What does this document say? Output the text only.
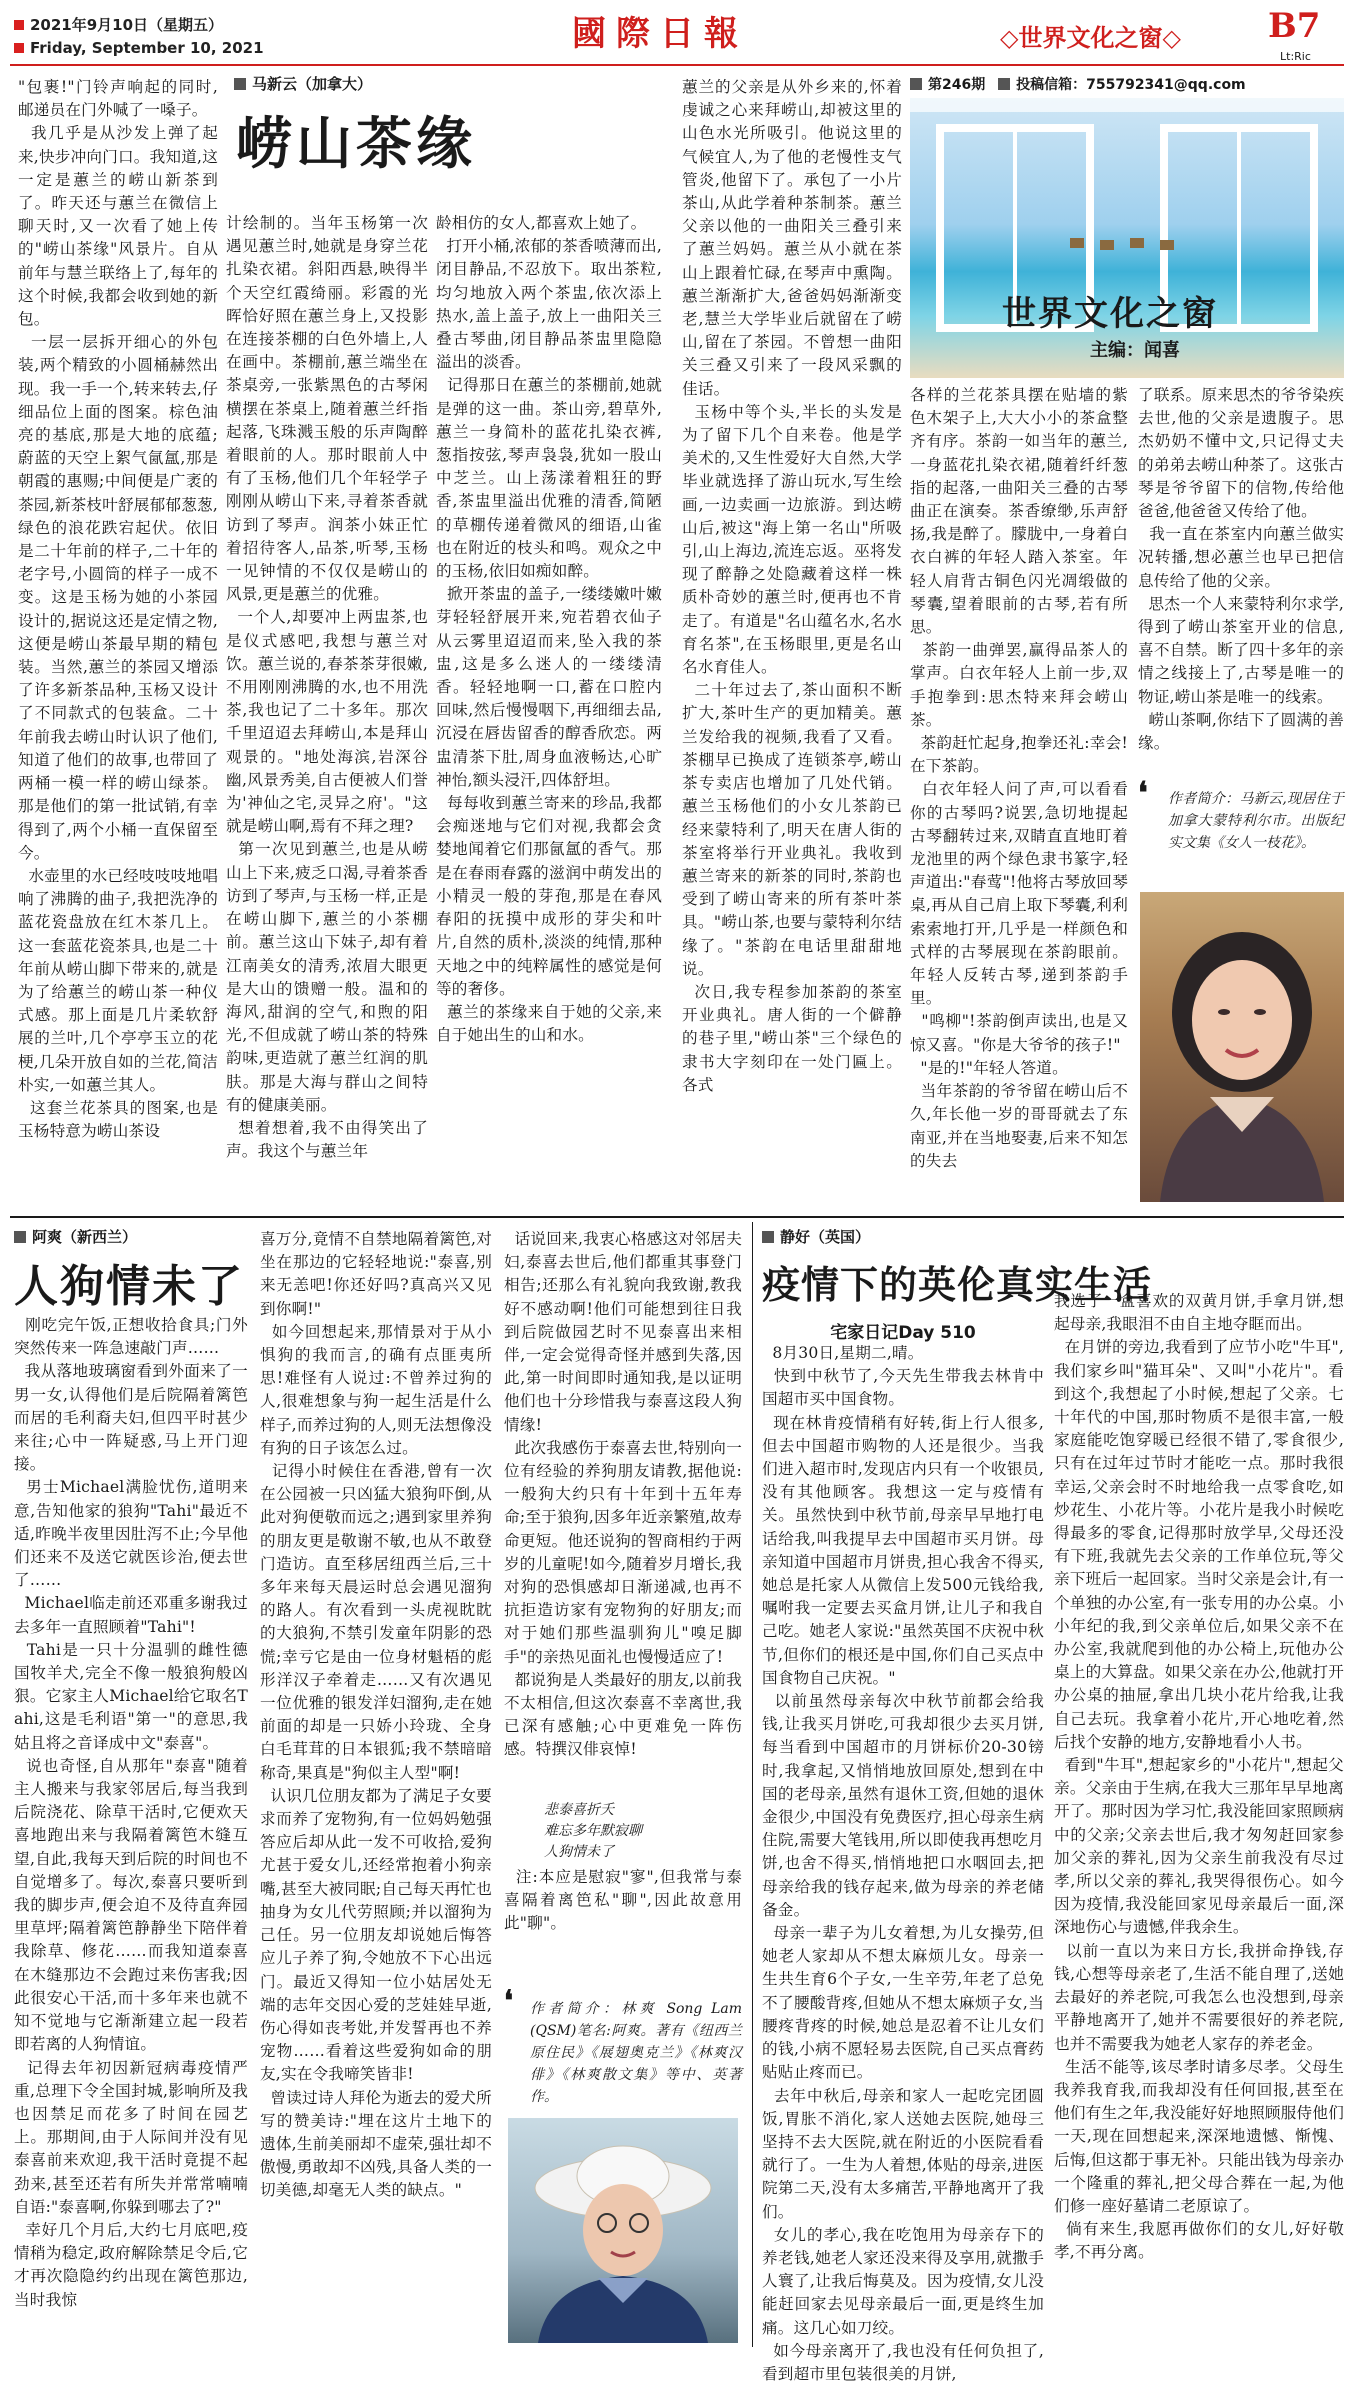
2021年9月10日（星期五）
Friday, September 10, 2021	國際日報	◇世界文化之窗◇	B7
Lt:Ric
马新云（加拿大）
崂山茶缘
"包裹!"门铃声响起的同时,邮递员在门外喊了一嗓子。
我几乎是从沙发上弹了起来,快步冲向门口。我知道,这一定是蕙兰的崂山新茶到了。昨天还与蕙兰在微信上聊天时,又一次看了她上传的"崂山茶缘"风景片。自从前年与慧兰联络上了,每年的这个时候,我都会收到她的新包。
一层一层拆开细心的外包装,两个精致的小圆桶赫然出现。我一手一个,转来转去,仔细品位上面的图案。棕色油亮的基底,那是大地的底蕴;蔚蓝的天空上絮气氤氲,那是朝霞的惠赐;中间便是广袤的茶园,新茶枝叶舒展郁郁葱葱,绿色的浪花跌宕起伏。依旧是二十年前的样子,二十年的老字号,小圆筒的样子一成不变。这是玉杨为她的小茶园设计的,据说这还是定情之物,这便是崂山茶最早期的精包装。当然,蕙兰的茶园又增添了许多新茶品种,玉杨又设计了不同款式的包装盒。二十年前我去崂山时认识了他们,知道了他们的故事,也带回了两桶一模一样的崂山绿茶。那是他们的第一批试销,有幸得到了,两个小桶一直保留至今。
水壶里的水已经吱吱吱地唱响了沸腾的曲子,我把洗净的蓝花瓷盘放在红木茶几上。这一套蓝花瓷茶具,也是二十年前从崂山脚下带来的,就是为了给蕙兰的崂山茶一种仪式感。那上面是几片柔软舒展的兰叶,几个亭亭玉立的花梗,几朵开放自如的兰花,简洁朴实,一如蕙兰其人。
这套兰花茶具的图案,也是玉杨特意为崂山茶设
计绘制的。当年玉杨第一次遇见蕙兰时,她就是身穿兰花扎染衣裙。斜阳西悬,映得半个天空红霞绮丽。彩霞的光晖恰好照在蕙兰身上,又投影在连接茶棚的白色外墙上,人在画中。茶棚前,蕙兰端坐在茶桌旁,一张紫黑色的古琴闲横摆在茶桌上,随着蕙兰纤指起落,飞珠溅玉般的乐声陶醉着眼前的人。那时眼前人中有了玉杨,他们几个年轻学子刚刚从崂山下来,寻着茶香就访到了琴声。润茶小妹正忙着招待客人,品茶,听琴,玉杨一见钟情的不仅仅是崂山的风景,更是蕙兰的优雅。
一个人,却要冲上两盅茶,也是仪式感吧,我想与蕙兰对饮。蕙兰说的,春茶茶芽很嫩,不用刚刚沸腾的水,也不用洗茶,我也记了二十多年。那次千里迢迢去拜崂山,本是拜山观景的。"地处海滨,岩深谷幽,风景秀美,自古便被人们誉为'神仙之宅,灵异之府'。"这就是崂山啊,焉有不拜之理?
第一次见到蕙兰,也是从崂山上下来,疲乏口渴,寻着茶香访到了琴声,与玉杨一样,正是在崂山脚下,蕙兰的小茶棚前。蕙兰这山下妹子,却有着江南美女的清秀,浓眉大眼更是大山的馈赠一般。温和的海风,甜润的空气,和煦的阳光,不但成就了崂山茶的特殊韵味,更造就了蕙兰红润的肌肤。那是大海与群山之间特有的健康美丽。
想着想着,我不由得笑出了声。我这个与蕙兰年
龄相仿的女人,都喜欢上她了。
打开小桶,浓郁的茶香喷薄而出,闭目静品,不忍放下。取出茶粒,均匀地放入两个茶盅,依次添上热水,盖上盖子,放上一曲阳关三叠古琴曲,闭目静品茶盅里隐隐溢出的淡香。
记得那日在蕙兰的茶棚前,她就是弹的这一曲。茶山旁,碧草外,蕙兰一身简朴的蓝花扎染衣裤,葱指按弦,琴声袅袅,犹如一股山中芝兰。山上荡漾着粗狂的野香,茶盅里溢出优雅的清香,简陋的草棚传递着微风的细语,山雀也在附近的枝头和鸣。观众之中的玉杨,依旧如痴如醉。
掀开茶盅的盖子,一缕缕嫩叶嫩芽轻轻舒展开来,宛若碧衣仙子从云雾里迢迢而来,坠入我的茶盅,这是多么迷人的一缕缕清香。轻轻地啊一口,蓄在口腔内回味,然后慢慢咽下,再细细去品,沉浸在唇齿留香的醇香欣恋。两盅清茶下肚,周身血液畅达,心旷神怡,额头浸汗,四体舒坦。
每每收到蕙兰寄来的珍品,我都会痴迷地与它们对视,我都会贪婪地闻着它们那氤氲的香气。那是在春雨春露的滋润中萌发出的小精灵一般的芽孢,那是在春风春阳的抚摸中成形的芽尖和叶片,自然的质朴,淡淡的纯情,那种天地之中的纯粹属性的感觉是何等的奢侈。
蕙兰的茶缘来自于她的父亲,来自于她出生的山和水。
蕙兰的父亲是从外乡来的,怀着虔诚之心来拜崂山,却被这里的山色水光所吸引。他说这里的气候宜人,为了他的老慢性支气管炎,他留下了。承包了一小片茶山,从此学着种茶制茶。蕙兰父亲以他的一曲阳关三叠引来了蕙兰妈妈。蕙兰从小就在茶山上跟着忙碌,在琴声中熏陶。蕙兰渐渐扩大,爸爸妈妈渐渐变老,慧兰大学毕业后就留在了崂山,留在了茶园。不曾想一曲阳关三叠又引来了一段风采飘的佳话。
玉杨中等个头,半长的头发是为了留下几个自来卷。他是学美术的,又生性爱好大自然,大学毕业就选择了游山玩水,写生绘画,一边卖画一边旅游。到达崂山后,被这"海上第一名山"所吸引,山上海边,流连忘返。巫将发现了醉静之处隐藏着这样一株质朴奇妙的蕙兰时,便再也不肯走了。有道是"名山蕴名水,名水育名茶",在玉杨眼里,更是名山名水育佳人。
二十年过去了,茶山面积不断扩大,茶叶生产的更加精美。蕙兰发给我的视频,我看了又看。茶棚早已换成了连锁茶亭,崂山茶专卖店也增加了几处代销。蕙兰玉杨他们的小女儿茶韵已经来蒙特利了,明天在唐人街的茶室将举行开业典礼。我收到蕙兰寄来的新茶的同时,茶韵也受到了崂山寄来的所有茶叶茶具。"崂山茶,也要与蒙特利尔结缘了。"茶韵在电话里甜甜地说。
次日,我专程参加茶韵的茶室开业典礼。唐人街的一个僻静的巷子里,"崂山茶"三个绿色的隶书大字刻印在一处门匾上。各式
各样的兰花茶具摆在贴墙的紫色木架子上,大大小小的茶盒整齐有序。茶韵一如当年的蕙兰,一身蓝花扎染衣裙,随着纤纤葱指的起落,一曲阳关三叠的古琴曲正在演奏。茶香缭缈,乐声舒扬,我是醉了。朦胧中,一身着白衣白裤的年轻人踏入茶室。年轻人肩背古铜色闪光凋缎做的琴囊,望着眼前的古琴,若有所思。
茶韵一曲弹罢,赢得品茶人的掌声。白衣年轻人上前一步,双手抱拳到:思杰特来拜会崂山茶。
茶韵赶忙起身,抱拳还礼:幸会!在下茶韵。
白衣年轻人问了声,可以看看你的古琴吗?说罢,急切地提起古琴翻转过来,双睛直直地盯着龙池里的两个绿色隶书篆字,轻声道出:"春莺"!他将古琴放回琴桌,再从自己肩上取下琴囊,利利索索地打开,几乎是一样颜色和式样的古琴展现在茶韵眼前。年轻人反转古琴,递到茶韵手里。
"鸣柳"!茶韵倒声读出,也是又惊又喜。"你是大爷爷的孩子!"
"是的!"年轻人答道。
当年茶韵的爷爷留在崂山后不久,年长他一岁的哥哥就去了东南亚,并在当地娶妻,后来不知怎的失去
了联系。原来思杰的爷爷染疾去世,他的父亲是遗腹子。思杰奶奶不懂中文,只记得丈夫的弟弟去崂山种茶了。这张古琴是爷爷留下的信物,传给他爸爸,他爸爸又传给了他。
我一直在茶室内向蕙兰做实况转播,想必蕙兰也早已把信息传给了他的父亲。
思杰一个人来蒙特利尔求学,得到了崂山茶室开业的信息,喜不自禁。断了四十多年的亲情之线接上了,古琴是唯一的物证,崂山茶是唯一的线索。
崂山茶啊,你结下了圆满的善缘。
❛ 作者简介：马新云,现居住于加拿大蒙特利尔市。出版纪实文集《女人一枝花》。
第246期 投稿信箱：755792341@qq.com
世界文化之窗
主编：闻喜
阿爽（新西兰）
人狗情未了
刚吃完午饭,正想收拾食具;门外突然传来一阵急速敲门声……
我从落地玻璃窗看到外面来了一男一女,认得他们是后院隔着篱笆而居的毛利裔夫妇,但四平时甚少来往;心中一阵疑惑,马上开门迎接。
男士Michael满脸忧伤,道明来意,告知他家的狼狗"Tahi"最近不适,昨晚半夜里因肚泻不止;今早他们还来不及送它就医诊治,便去世了……
Michael临走前还邓重多谢我过去多年一直照顾着"Tahi"!
Tahi是一只十分温驯的雌性德国牧羊犬,完全不像一般狼狗般凶狠。它家主人Michael给它取名Tahi,这是毛利语"第一"的意思,我姑且将之音译成中文"泰喜"。
说也奇怪,自从那年"泰喜"随着主人搬来与我家邻居后,每当我到后院浇花、除草干活时,它便欢天喜地跑出来与我隔着篱笆木缝互望,自此,我每天到后院的时间也不自觉增多了。每次,泰喜只要听到我的脚步声,便会迫不及待直奔园里草坪;隔着篱笆静静坐下陪伴着我除草、修花……而我知道泰喜在木缝那边不会跑过来伤害我;因此很安心干活,而十多年来也就不知不觉地与它渐渐建立起一段若即若离的人狗情谊。
记得去年初因新冠病毒疫情严重,总理下令全国封城,影响所及我也因禁足而花多了时间在园艺上。那期间,由于人际间并没有见泰喜前来欢迎,我干活时竟提不起劲来,甚至还若有所失并常常喃喃自语:"泰喜啊,你躲到哪去了?"
幸好几个月后,大约七月底吧,疫情稍为稳定,政府解除禁足令后,它才再次隐隐约约出现在篱笆那边,当时我惊
喜万分,竟情不自禁地隔着篱笆,对坐在那边的它轻轻地说:"泰喜,别来无恙吧!你还好吗?真高兴又见到你啊!"
如今回想起来,那情景对于从小惧狗的我而言,的确有点匪夷所思!难怪有人说过:不曾养过狗的人,很难想象与狗一起生活是什么样子,而养过狗的人,则无法想像没有狗的日子该怎么过。
记得小时候住在香港,曾有一次在公园被一只凶猛大狼狗吓倒,从此对狗便敬而远之;遇到家里养狗的朋友更是敬谢不敏,也从不敢登门造访。直至移居纽西兰后,三十多年来每天晨运时总会遇见溜狗的路人。有次看到一头虎视眈眈的大狼狗,不禁引发童年阴影的恐慌;幸亏它是由一位身材魁梧的彪形洋汉子牵着走……又有次遇见一位优雅的银发洋妇溜狗,走在她前面的却是一只娇小玲珑、全身白毛茸茸的日本银狐;我不禁暗暗称奇,果真是"狗似主人型"啊!
认识几位朋友都为了满足子女要求而养了宠物狗,有一位妈妈勉强答应后却从此一发不可收拾,爱狗尤甚于爱女儿,还经常抱着小狗亲嘴,甚至大被同眠;自己每天再忙也抽身为女儿代劳照顾;并以溜狗为己任。另一位朋友却说她后悔答应儿子养了狗,令她放不下心出远门。最近又得知一位小姑居处无端的志年交因心爱的芝娃娃早逝,伤心得如丧考妣,并发誓再也不养宠物……看着这些爱狗如命的朋友,实在令我啼笑皆非!
曾读过诗人拜伦为逝去的爱犬所写的赞美诗:"埋在这片土地下的遗体,生前美丽却不虚荣,强壮却不傲慢,勇敢却不凶残,具备人类的一切美德,却毫无人类的缺点。"
话说回来,我衷心格感这对邻居夫妇,泰喜去世后,他们都重其事登门相告;还那么有礼貌向我致谢,教我好不感动啊!他们可能想到往日我到后院做园艺时不见泰喜出来相伴,一定会觉得奇怪并感到失落,因此,第一时间即时通知我,是以证明他们也十分珍惜我与泰喜这段人狗情缘!
此次我感伤于泰喜去世,特别向一位有经验的养狗朋友请教,据他说:一般狗大约只有十年到十五年寿命;至于狼狗,因多年近亲繁殖,故寿命更短。他还说狗的智商相约于两岁的儿童呢!如今,随着岁月增长,我对狗的恐惧感却日渐递减,也再不抗拒造访家有宠物狗的好朋友;而对于她们那些温驯狗儿"嗅足脚手"的亲热见面礼也慢慢适应了!
都说狗是人类最好的朋友,以前我不太相信,但这次泰喜不幸离世,我已深有感触;心中更难免一阵伤感。特撰汉俳哀悼!
悲泰喜折夭
难忘多年默寂聊
人狗情未了
注:本应是慰寂"寥",但我常与泰喜隔着离笆私"聊",因此故意用此"聊"。
❛ 作者简介：林爽 Song Lam (QSM)笔名:阿爽。著有《纽西兰原住民》《展翅奥克兰》《林爽汉俳》《林爽散文集》等中、英著作。
静好（英国）
疫情下的英伦真实生活
宅家日记Day 510
8月30日,星期二,晴。
快到中秋节了,今天先生带我去林肯中国超市买中国食物。
现在林肯疫情稍有好转,街上行人很多,但去中国超市购物的人还是很少。当我们进入超市时,发现店内只有一个收银员,没有其他顾客。我想这一定与疫情有关。虽然快到中秋节前,母亲早早地打电话给我,叫我提早去中国超市买月饼。母亲知道中国超市月饼贵,担心我舍不得买,她总是托家人从微信上发500元钱给我,嘱咐我一定要去买盒月饼,让儿子和我自己吃。她老人家说:"虽然英国不庆祝中秋节,但你们的根还是中国,你们自己买点中国食物自己庆祝。"
以前虽然母亲每次中秋节前都会给我钱,让我买月饼吃,可我却很少去买月饼,每当看到中国超市的月饼标价20-30镑时,我拿起,又悄悄地放回原处,想到在中国的老母亲,虽然有退休工资,但她的退休金很少,中国没有免费医疗,担心母亲生病住院,需要大笔钱用,所以即使我再想吃月饼,也舍不得买,悄悄地把口水咽回去,把母亲给我的钱存起来,做为母亲的养老储备金。
母亲一辈子为儿女着想,为儿女操劳,但她老人家却从不想太麻烦儿女。母亲一生共生育6个子女,一生辛劳,年老了总免不了腰酸背疼,但她从不想太麻烦子女,当腰疼背疼的时候,她总是忍着不让儿女们的钱,小病不愿轻易去医院,自己买点膏药贴贴止疼而已。
去年中秋后,母亲和家人一起吃完团圆饭,胃胀不消化,家人送她去医院,她母三坚持不去大医院,就在附近的小医院看看就行了。一生为人着想,体贴的母亲,进医院第二天,没有太多痛苦,平静地离开了我们。
女儿的孝心,我在吃饱用为母亲存下的养老钱,她老人家还没来得及享用,就撒手人寰了,让我后悔莫及。因为疫情,女儿没能赶回家去见母亲最后一面,更是终生加痛。这几心如刀绞。
如今母亲离开了,我也没有任何负担了,看到超市里包装很美的月饼,
我选了一盒喜欢的双黄月饼,手拿月饼,想起母亲,我眼泪不由自主地夺眶而出。
在月饼的旁边,我看到了应节小吃"牛耳",我们家乡叫"猫耳朵"、又叫"小花片"。看到这个,我想起了小时候,想起了父亲。七十年代的中国,那时物质不是很丰富,一般家庭能吃饱穿暖已经很不错了,零食很少,只有在过年过节时才能吃一点。那时我很幸运,父亲会时不时地给我一点零食吃,如炒花生、小花片等。小花片是我小时候吃得最多的零食,记得那时放学早,父母还没有下班,我就先去父亲的工作单位玩,等父亲下班后一起回家。当时父亲是会计,有一个单独的办公室,有一张专用的办公桌。小小年纪的我,到父亲单位后,如果父亲不在办公室,我就爬到他的办公椅上,玩他办公桌上的大算盘。如果父亲在办公,他就打开办公桌的抽屉,拿出几块小花片给我,让我自己去玩。我拿着小花片,开心地吃着,然后找个安静的地方,安静地看小人书。
看到"牛耳",想起家乡的"小花片",想起父亲。父亲由于生病,在我大三那年早早地离开了。那时因为学习忙,我没能回家照顾病中的父亲;父亲去世后,我才匆匆赶回家参加父亲的葬礼,因为父亲生前我没有尽过孝,所以父亲的葬礼,我哭得很伤心。如今因为疫情,我没能回家见母亲最后一面,深深地伤心与遗憾,伴我余生。
以前一直以为来日方长,我拼命挣钱,存钱,心想等母亲老了,生活不能自理了,送她去最好的养老院,可我怎么也没想到,母亲平静地离开了,她并不需要很好的养老院,也并不需要我为她老人家存的养老金。
生活不能等,该尽孝时请多尽孝。父母生我养我育我,而我却没有任何回报,甚至在他们有生之年,我没能好好地照顾服侍他们一天,现在回想起来,深深地遗憾、惭愧、后悔,但这都于事无补。只能出钱为母亲办一个隆重的葬礼,把父母合葬在一起,为他们修一座好墓请二老原谅了。
倘有来生,我愿再做你们的女儿,好好敬孝,不再分离。
